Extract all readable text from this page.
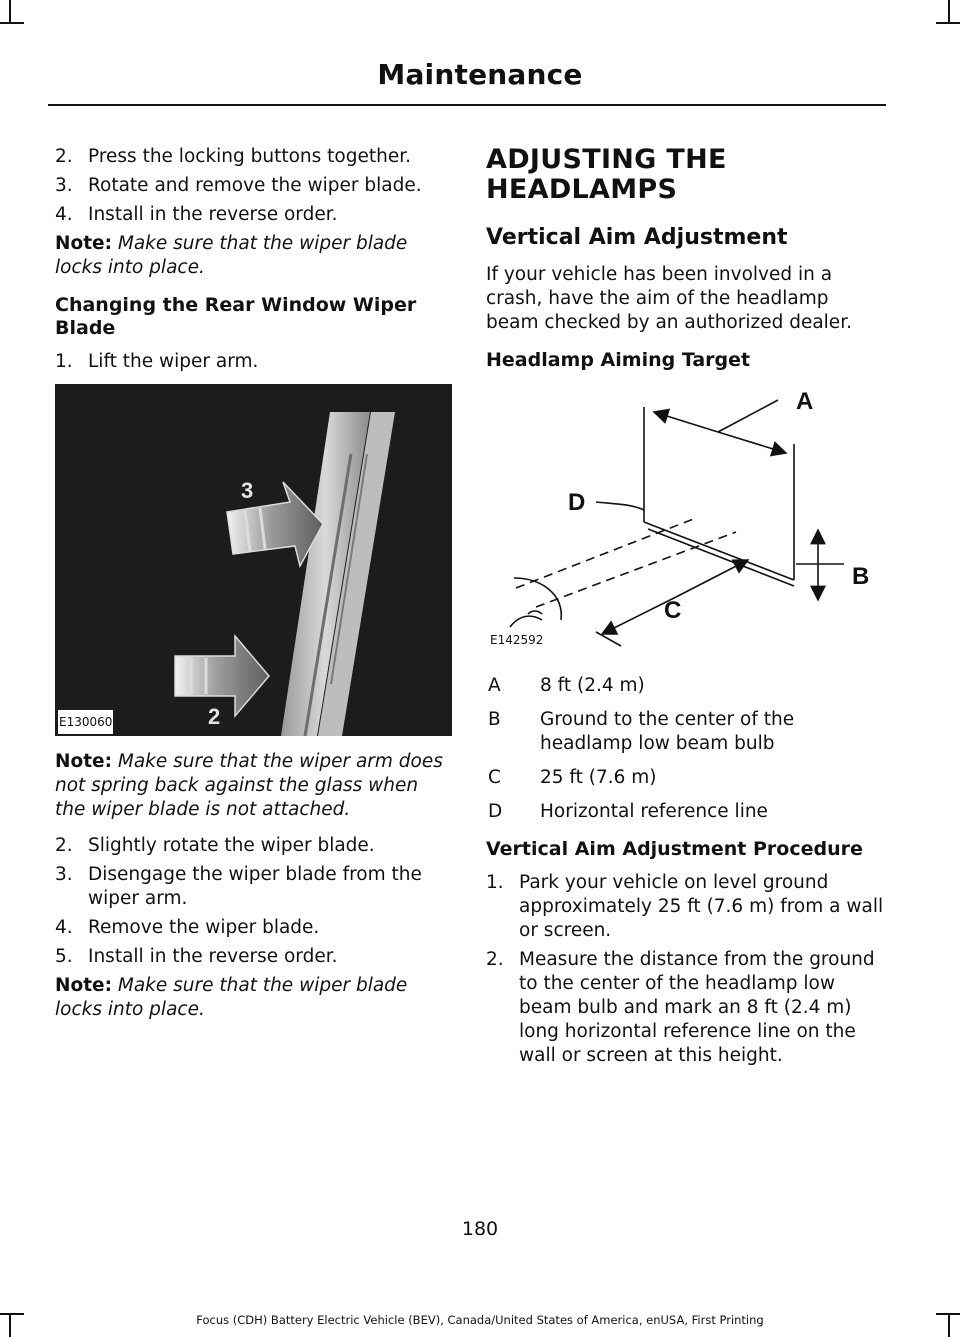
Maintenance
2. Press the locking buttons together.
3. Rotate and remove the wiper blade.
4. Install in the reverse order.

Note: Make sure that the wiper blade locks into place.

Changing the Rear Window Wiper Blade
1. Lift the wiper arm.
3
2
E130060

Note: Make sure that the wiper arm does not spring back against the glass when the wiper blade is not attached.

2. Slightly rotate the wiper blade.
3. Disengage the wiper blade from the wiper arm.
4. Remove the wiper blade.
5. Install in the reverse order.

Note: Make sure that the wiper blade locks into place.

ADJUSTING THE HEADLAMPS
Vertical Aim Adjustment

If your vehicle has been involved in a crash, have the aim of the headlamp beam checked by an authorized dealer.

Headlamp Aiming Target
A
D
B
C
E142592
A	8 ft (2.4 m)
B	Ground to the center of the headlamp low beam bulb
C	25 ft (7.6 m)
D	Horizontal reference line
Vertical Aim Adjustment Procedure
1. Park your vehicle on level ground approximately 25 ft (7.6 m) from a wall or screen.
2. Measure the distance from the ground to the center of the headlamp low beam bulb and mark an 8 ft (2.4 m) long horizontal reference line on the wall or screen at this height.
180
Focus (CDH) Battery Electric Vehicle (BEV), Canada/United States of America, enUSA, First Printing
